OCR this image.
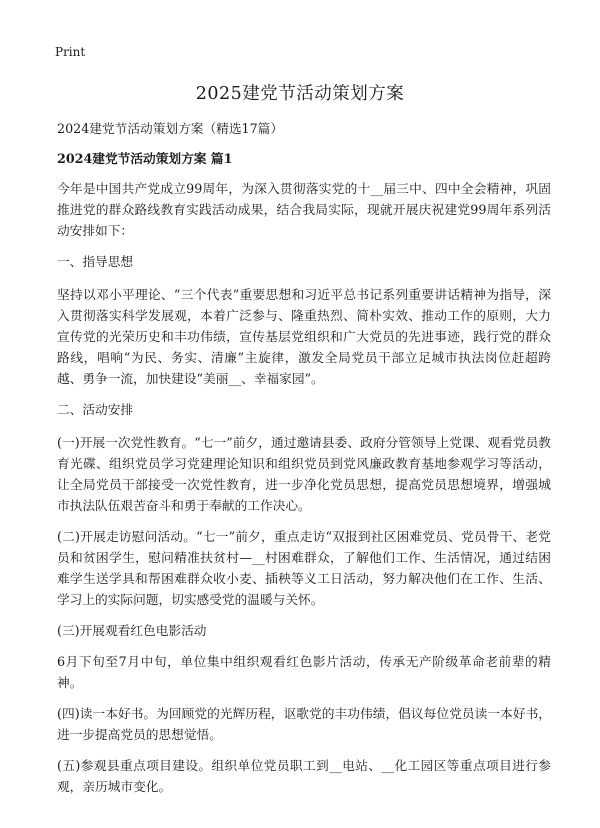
Print
2025建党节活动策划方案

2024建党节活动策划方案（精选17篇）

2024建党节活动策划方案 篇1

今年是中国共产党成立99周年，为深入贯彻落实党的十__届三中、四中全会精神，巩固推进党的群众路线教育实践活动成果，结合我局实际，现就开展庆祝建党99周年系列活动安排如下：

一、指导思想

坚持以邓小平理论、“三个代表”重要思想和习近平总书记系列重要讲话精神为指导，深入贯彻落实科学发展观，本着广泛参与、隆重热烈、简朴实效、推动工作的原则，大力宣传党的光荣历史和丰功伟绩，宣传基层党组织和广大党员的先进事迹，践行党的群众路线，唱响“为民、务实、清廉”主旋律，激发全局党员干部立足城市执法岗位赶超跨越、勇争一流，加快建设“美丽__、幸福家园”。

二、活动安排

(一)开展一次党性教育。“七一”前夕，通过邀请县委、政府分管领导上党课、观看党员教育光碟、组织党员学习党建理论知识和组织党员到党风廉政教育基地参观学习等活动，让全局党员干部接受一次党性教育，进一步净化党员思想，提高党员思想境界，增强城市执法队伍艰苦奋斗和勇于奉献的工作决心。

(二)开展走访慰问活动。“七一”前夕，重点走访“双报到社区困难党员、党员骨干、老党员和贫困学生，慰问精准扶贫村—__村困难群众，了解他们工作、生活情况，通过结困难学生送学具和帮困难群众收小麦、插秧等义工日活动，努力解决他们在工作、生活、学习上的实际问题，切实感受党的温暖与关怀。

(三)开展观看红色电影活动

6月下旬至7月中旬，单位集中组织观看红色影片活动，传承无产阶级革命老前辈的精神。

(四)读一本好书。为回顾党的光辉历程，讴歌党的丰功伟绩，倡议每位党员读一本好书，进一步提高党员的思想觉悟。

(五)参观县重点项目建设。组织单位党员职工到__电站、__化工园区等重点项目进行参观，亲历城市变化。
